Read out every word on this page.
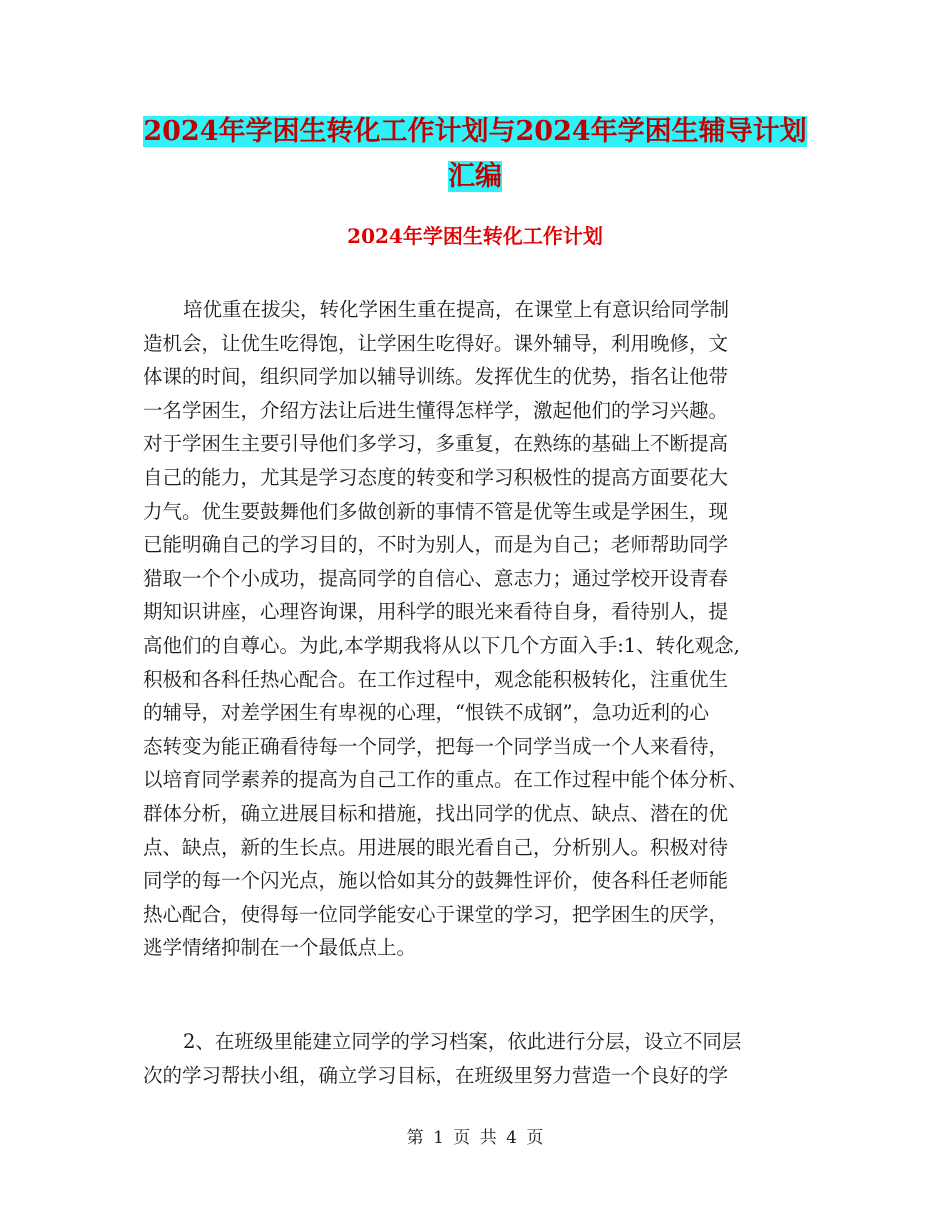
2024年学困生转化工作计划与2024年学困生辅导计划
汇编
2024年学困生转化工作计划
培优重在拔尖，转化学困生重在提高，在课堂上有意识给同学制
造机会，让优生吃得饱，让学困生吃得好。课外辅导，利用晚修，文
体课的时间，组织同学加以辅导训练。发挥优生的优势，指名让他带
一名学困生，介绍方法让后进生懂得怎样学，激起他们的学习兴趣。
对于学困生主要引导他们多学习，多重复，在熟练的基础上不断提高
自己的能力，尤其是学习态度的转变和学习积极性的提高方面要花大
力气。优生要鼓舞他们多做创新的事情不管是优等生或是学困生，现
已能明确自己的学习目的，不时为别人，而是为自己；老师帮助同学
猎取一个个小成功，提高同学的自信心、意志力；通过学校开设青春
期知识讲座，心理咨询课，用科学的眼光来看待自身，看待别人，提
高他们的自尊心。为此,本学期我将从以下几个方面入手:1、转化观念,
积极和各科任热心配合。在工作过程中，观念能积极转化，注重优生
的辅导，对差学困生有卑视的心理，“恨铁不成钢”，急功近利的心
态转变为能正确看待每一个同学，把每一个同学当成一个人来看待，
以培育同学素养的提高为自己工作的重点。在工作过程中能个体分析、
群体分析，确立进展目标和措施，找出同学的优点、缺点、潜在的优
点、缺点，新的生长点。用进展的眼光看自己，分析别人。积极对待
同学的每一个闪光点，施以恰如其分的鼓舞性评价，使各科任老师能
热心配合，使得每一位同学能安心于课堂的学习，把学困生的厌学，
逃学情绪抑制在一个最低点上。
2、在班级里能建立同学的学习档案，依此进行分层，设立不同层
次的学习帮扶小组，确立学习目标，在班级里努力营造一个良好的学
第 1 页 共 4 页
